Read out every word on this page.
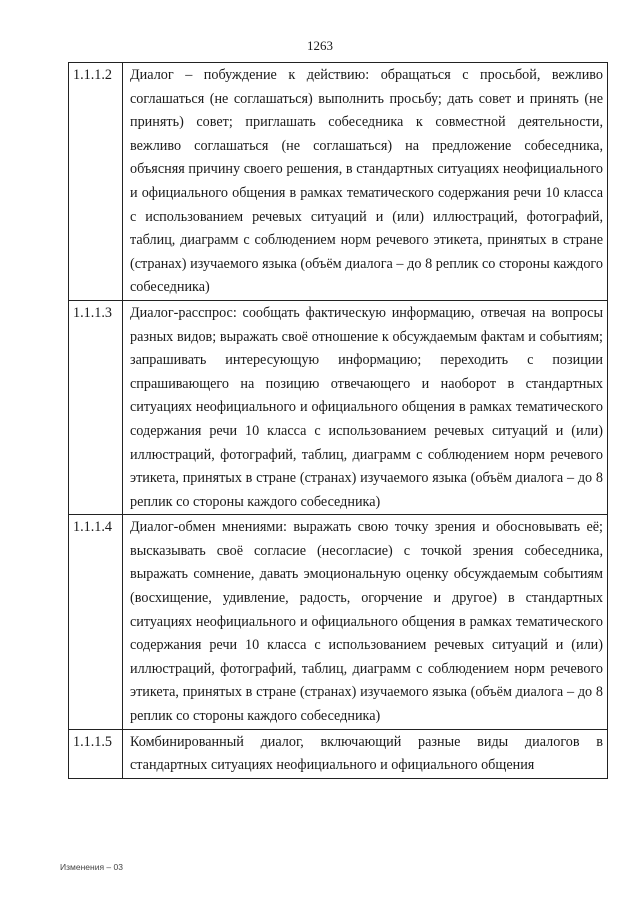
1263
1.1.1.2	Диалог – побуждение к действию: обращаться с просьбой, вежливо соглашаться (не соглашаться) выполнить просьбу; дать совет и принять (не принять) совет; приглашать собеседника к совместной деятельности, вежливо соглашаться (не соглашаться) на предложение собеседника, объясняя причину своего решения, в стандартных ситуациях неофициального и официального общения в рамках тематического содержания речи 10 класса с использованием речевых ситуаций и (или) иллюстраций, фотографий, таблиц, диаграмм с соблюдением норм речевого этикета, принятых в стране (странах) изучаемого языка (объём диалога – до 8 реплик со стороны каждого собеседника)
1.1.1.3	Диалог-расспрос: сообщать фактическую информацию, отвечая на вопросы разных видов; выражать своё отношение к обсуждаемым фактам и событиям; запрашивать интересующую информацию; переходить с позиции спрашивающего на позицию отвечающего и наоборот в стандартных ситуациях неофициального и официального общения в рамках тематического содержания речи 10 класса с использованием речевых ситуаций и (или) иллюстраций, фотографий, таблиц, диаграмм с соблюдением норм речевого этикета, принятых в стране (странах) изучаемого языка (объём диалога – до 8 реплик со стороны каждого собеседника)
1.1.1.4	Диалог-обмен мнениями: выражать свою точку зрения и обосновывать её; высказывать своё согласие (несогласие) с точкой зрения собеседника, выражать сомнение, давать эмоциональную оценку обсуждаемым событиям (восхищение, удивление, радость, огорчение и другое) в стандартных ситуациях неофициального и официального общения в рамках тематического содержания речи 10 класса с использованием речевых ситуаций и (или) иллюстраций, фотографий, таблиц, диаграмм с соблюдением норм речевого этикета, принятых в стране (странах) изучаемого языка (объём диалога – до 8 реплик со стороны каждого собеседника)
1.1.1.5	Комбинированный диалог, включающий разные виды диалогов в стандартных ситуациях неофициального и официального общения
Изменения – 03
